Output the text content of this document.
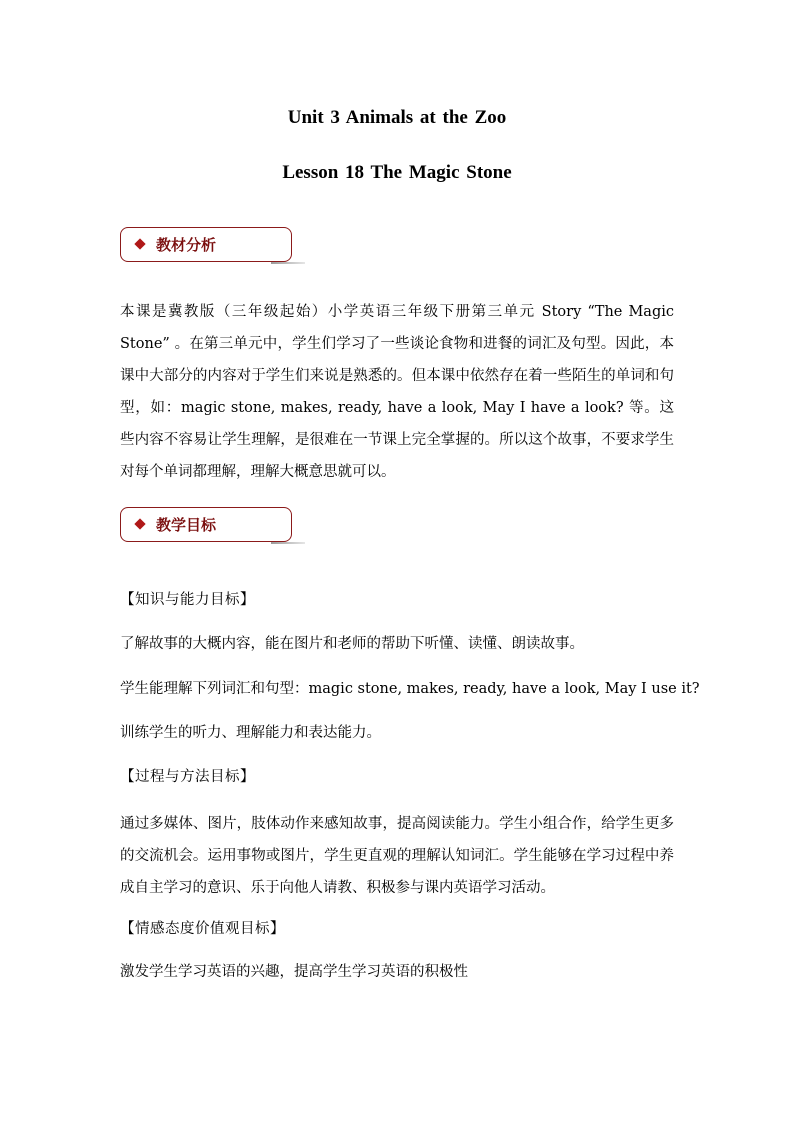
Unit 3 Animals at the Zoo
Lesson 18 The Magic Stone
教材分析

本课是冀教版（三年级起始）小学英语三年级下册第三单元 Story “The Magic Stone” 。在第三单元中，学生们学习了一些谈论食物和进餐的词汇及句型。因此，本课中大部分的内容对于学生们来说是熟悉的。但本课中依然存在着一些陌生的单词和句型，如：magic stone, makes, ready, have a look, May I have a look? 等。这些内容不容易让学生理解，是很难在一节课上完全掌握的。所以这个故事，不要求学生对每个单词都理解，理解大概意思就可以。

教学目标
【知识与能力目标】
了解故事的大概内容，能在图片和老师的帮助下听懂、读懂、朗读故事。
学生能理解下列词汇和句型：magic stone, makes, ready, have a look, May I use it?
训练学生的听力、理解能力和表达能力。
【过程与方法目标】

通过多媒体、图片，肢体动作来感知故事，提高阅读能力。学生小组合作，给学生更多的交流机会。运用事物或图片，学生更直观的理解认知词汇。学生能够在学习过程中养成自主学习的意识、乐于向他人请教、积极参与课内英语学习活动。

【情感态度价值观目标】
激发学生学习英语的兴趣，提高学生学习英语的积极性
